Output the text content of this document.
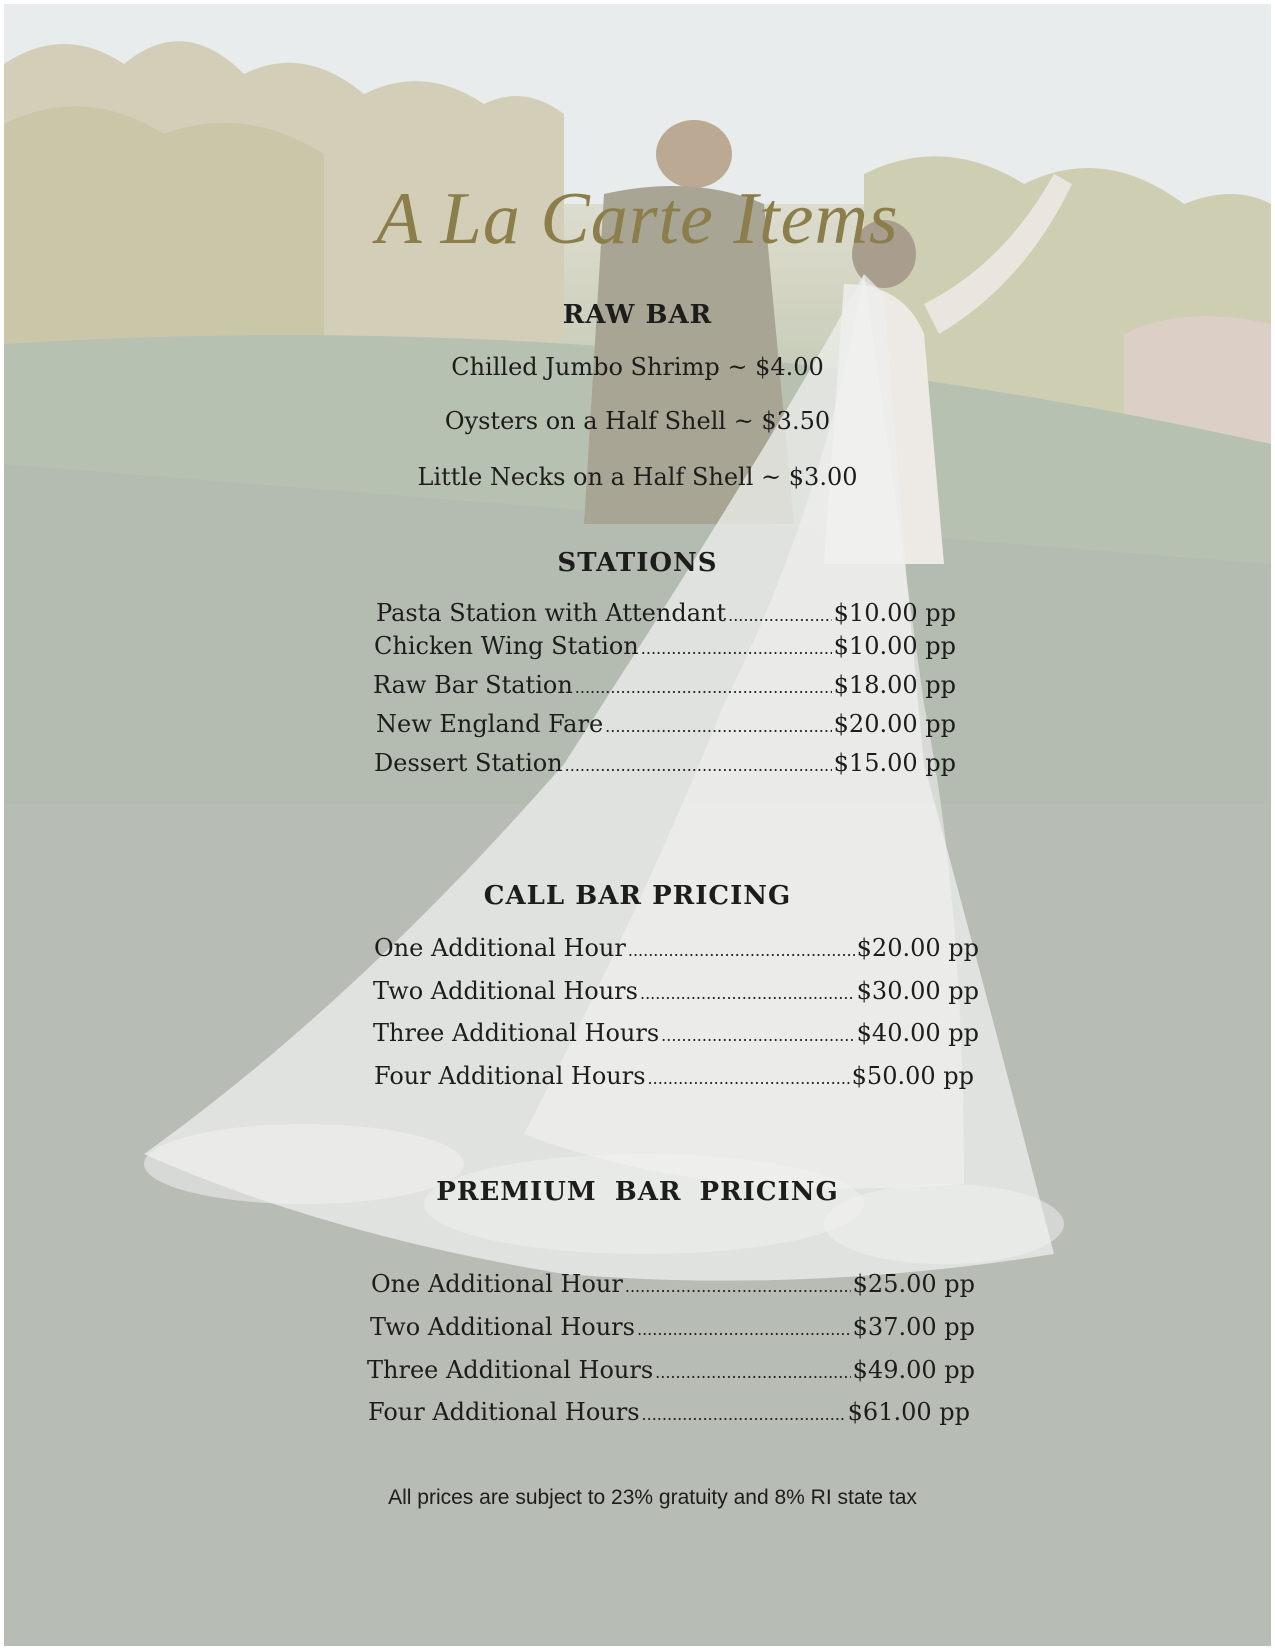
A La Carte Items
RAW BAR
Chilled Jumbo Shrimp ~ $4.00
Oysters on a Half Shell ~ $3.50
Little Necks on a Half Shell ~ $3.00
STATIONS
Pasta Station with Attendant .....	$10.00 pp
Chicken Wing Station .....	$10.00 pp
Raw Bar Station .....	$18.00 pp
New England Fare .....	$20.00 pp
Dessert Station .....	$15.00 pp
CALL BAR PRICING
One Additional Hour .....	$20.00 pp
Two Additional Hours .....	$30.00 pp
Three Additional Hours .....	$40.00 pp
Four Additional Hours .....	$50.00 pp
PREMIUM BAR PRICING
One Additional Hour .....	$25.00 pp
Two Additional Hours .....	$37.00 pp
Three Additional Hours .....	$49.00 pp
Four Additional Hours .....	$61.00 pp
All prices are subject to 23% gratuity and 8% RI state tax
